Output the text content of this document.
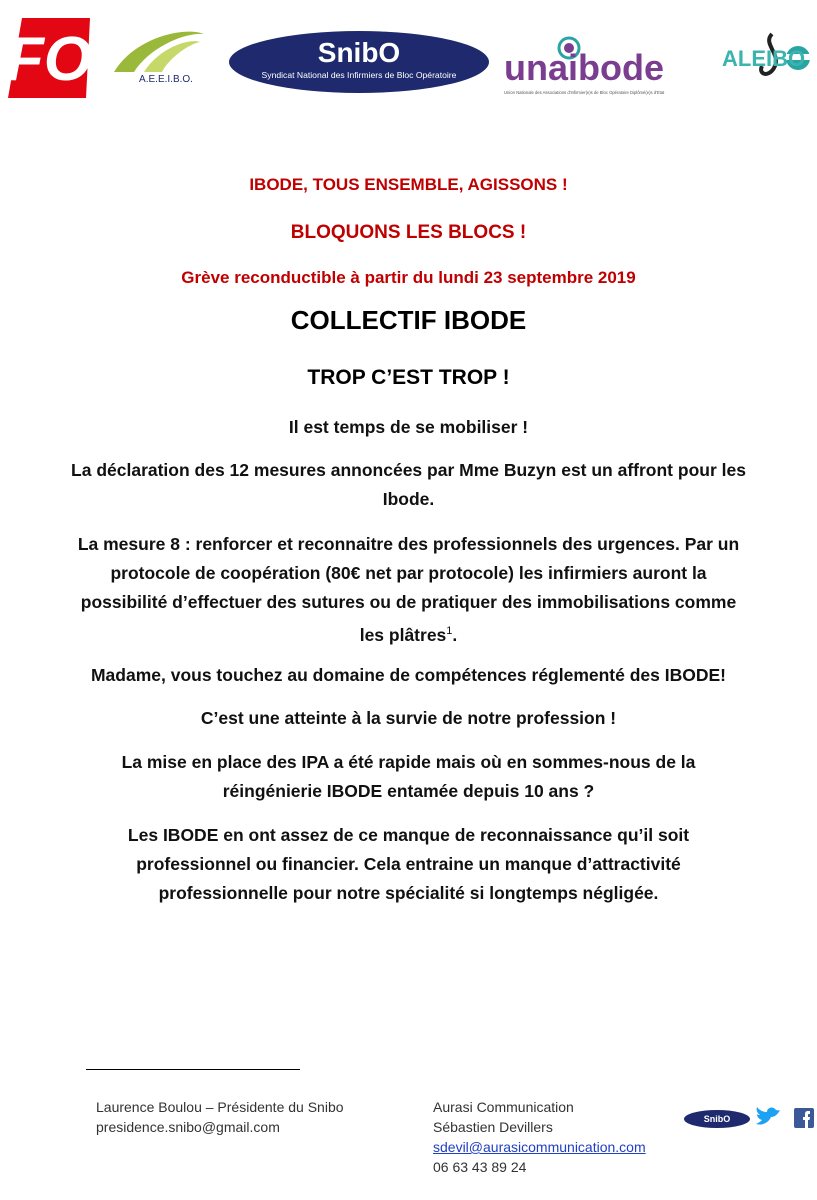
FO	A.E.E.I.B.O.
SnibO
Syndicat National des Infirmiers de Bloc Opératoire unaibode
Union Nationale des Associations d'Infirmier(e)s de Bloc Opératoire Diplômé(e)s d'Etat
ALEIBO
IBODE, TOUS ENSEMBLE, AGISSONS !
BLOQUONS LES BLOCS !
Grève reconductible à partir du lundi 23 septembre 2019
COLLECTIF IBODE
TROP C’EST TROP !
Il est temps de se mobiliser !
La déclaration des 12 mesures annoncées par Mme Buzyn est un affront pour les Ibode.
La mesure 8 : renforcer et reconnaitre des professionnels des urgences. Par un protocole de coopération (80€ net par protocole) les infirmiers auront la possibilité d’effectuer des sutures ou de pratiquer des immobilisations comme les plâtres$^1$.
Madame, vous touchez au domaine de compétences réglementé des IBODE!
C’est une atteinte à la survie de notre profession !
La mise en place des IPA a été rapide mais où en sommes-nous de la réingénierie IBODE entamée depuis 10 ans ?
Les IBODE en ont assez de ce manque de reconnaissance qu’il soit professionnel ou financier. Cela entraine un manque d’attractivité professionnelle pour notre spécialité si longtemps négligée.
Laurence Boulou – Présidente du Snibo
presidence.snibo@gmail.com
Aurasi Communication
Sébastien Devillers
sdevil@aurasicommunication.com
06 63 43 89 24
SnibO
